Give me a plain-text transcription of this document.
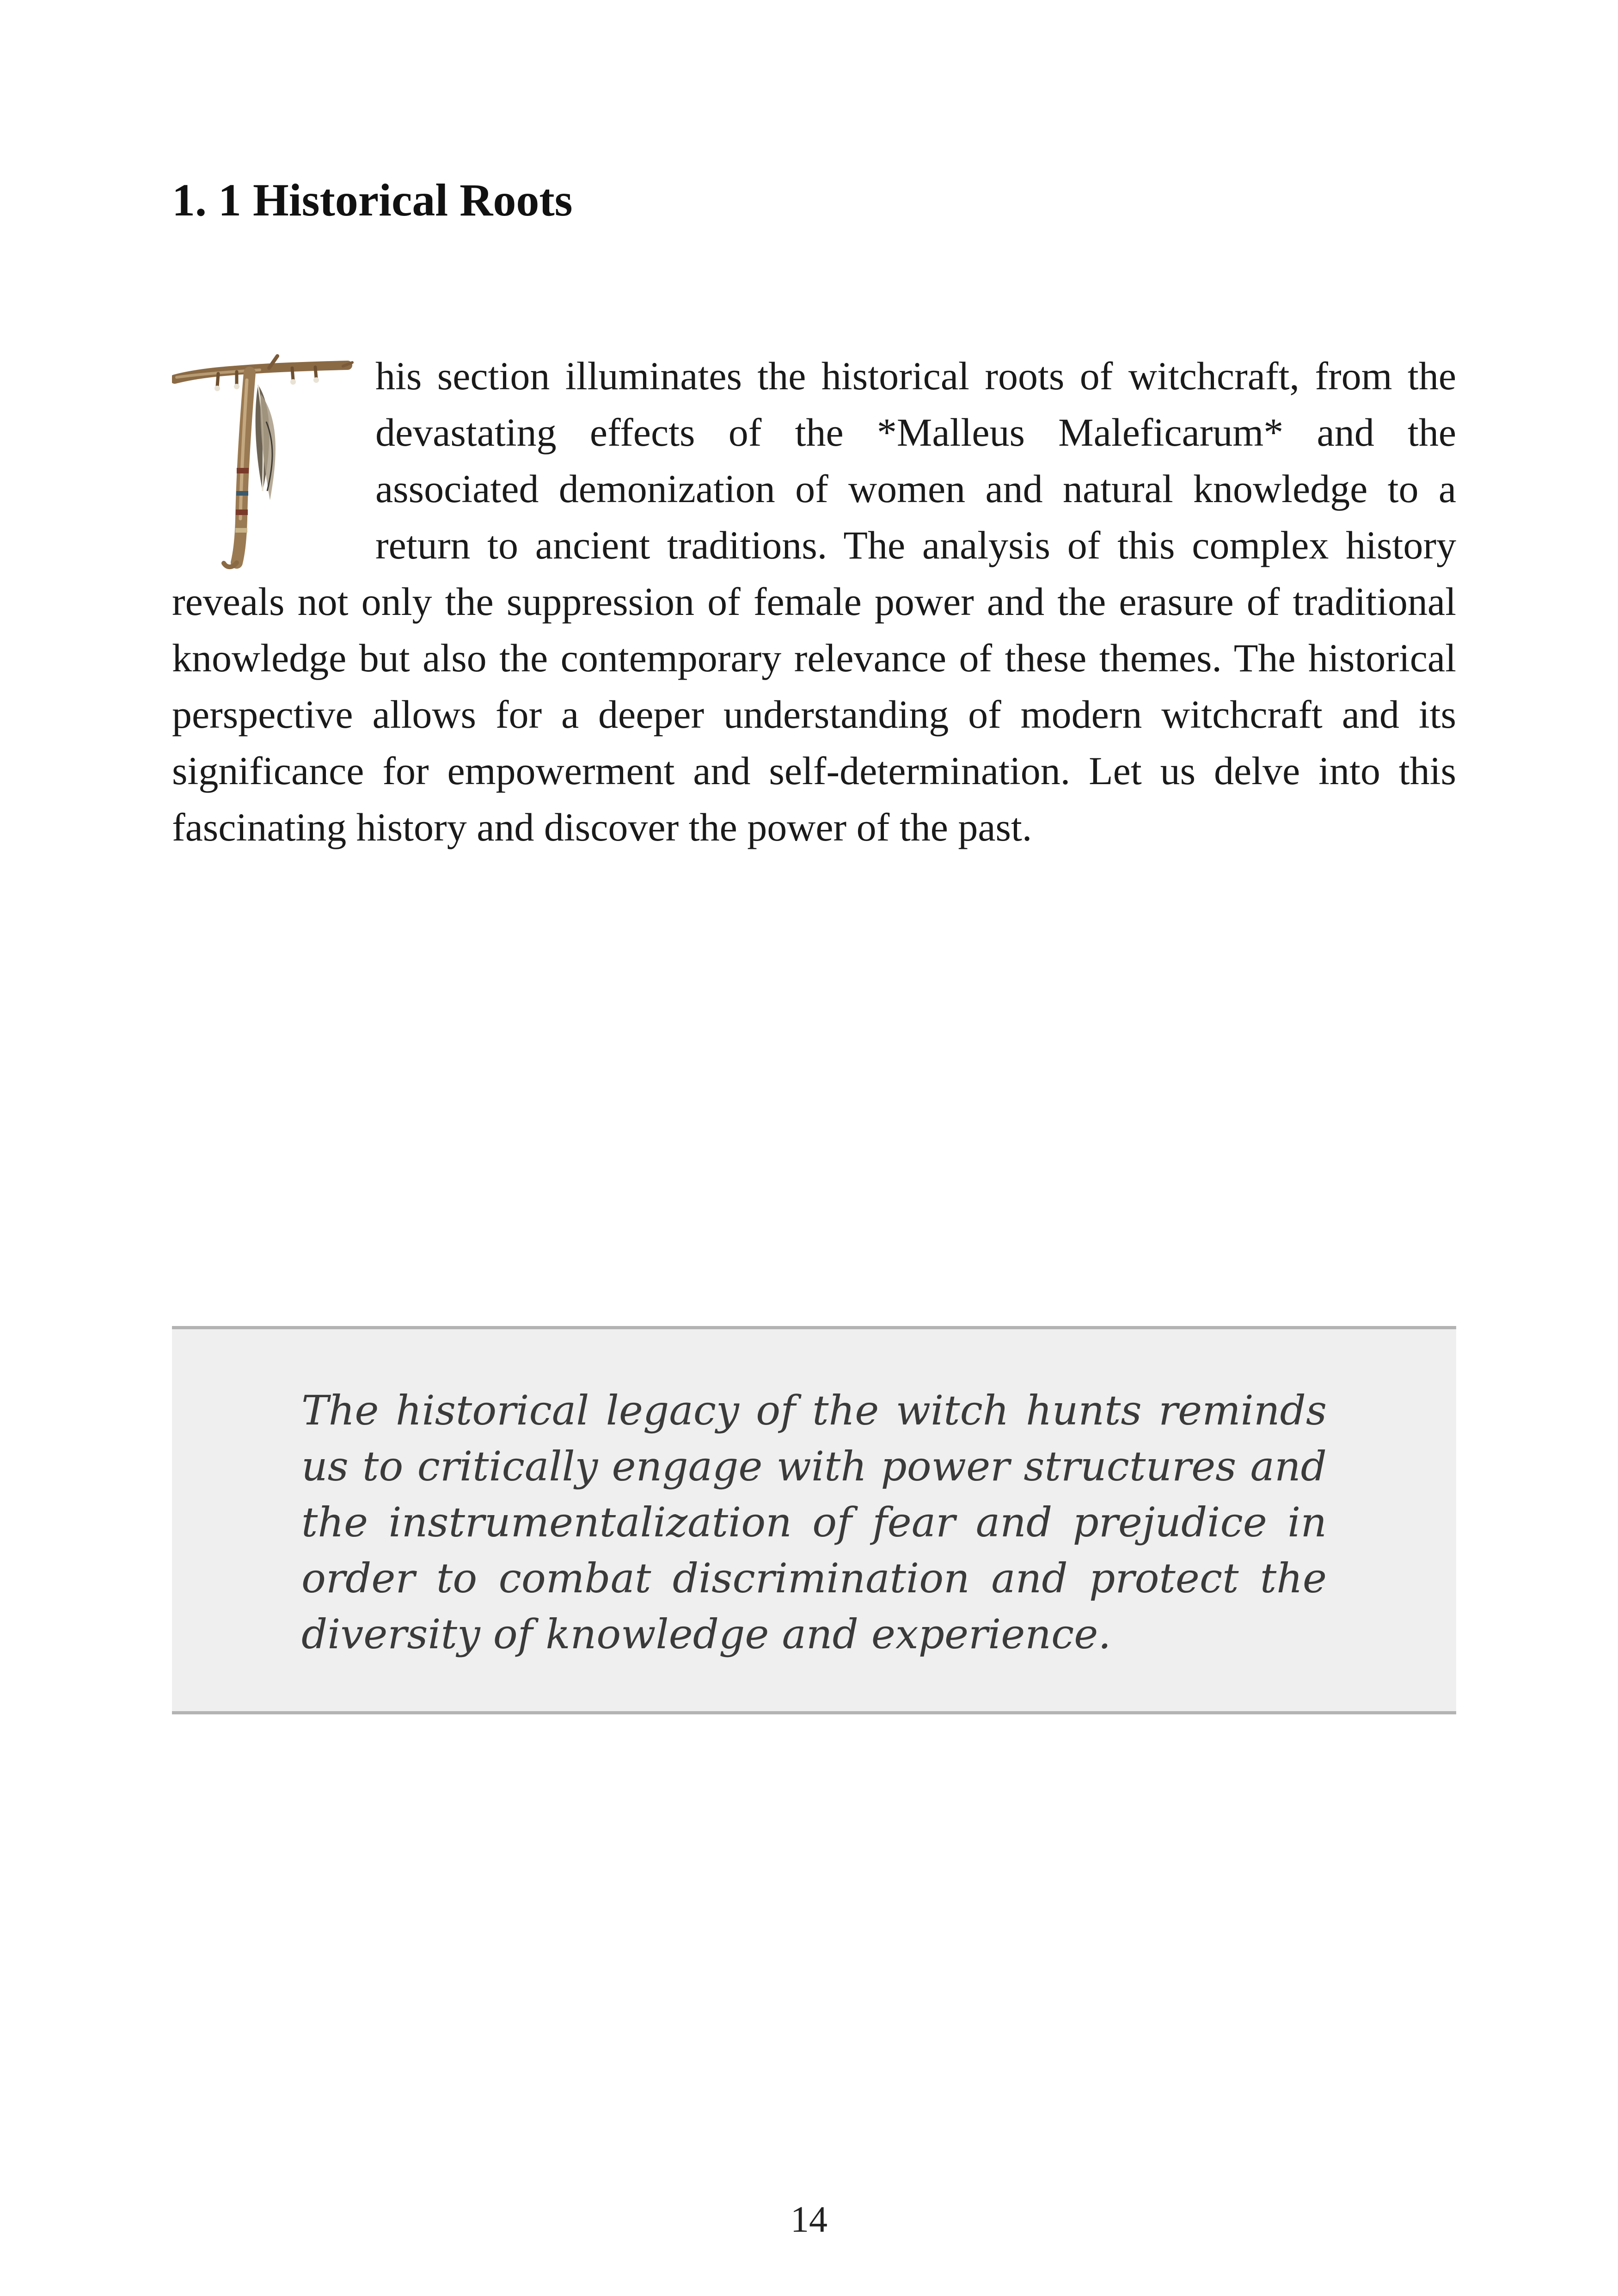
1. 1 Historical Roots
his section illuminates the historical roots of witchcraft, from the devastating effects of the *Malleus Maleficarum* and the associated demonization of women and natural knowledge to a return to ancient traditions. The analysis of this complex history reveals not only the suppression of female power and the erasure of traditional knowledge but also the contemporary relevance of these themes. The historical perspective allows for a deeper understanding of modern witchcraft and its significance for empowerment and self-determination. Let us delve into this fascinating history and discover the power of the past.

The historical legacy of the witch hunts reminds us to critically engage with power structures and the instrumentalization of fear and prejudice in order to combat discrimination and protect the diversity of knowledge and experience.

14
